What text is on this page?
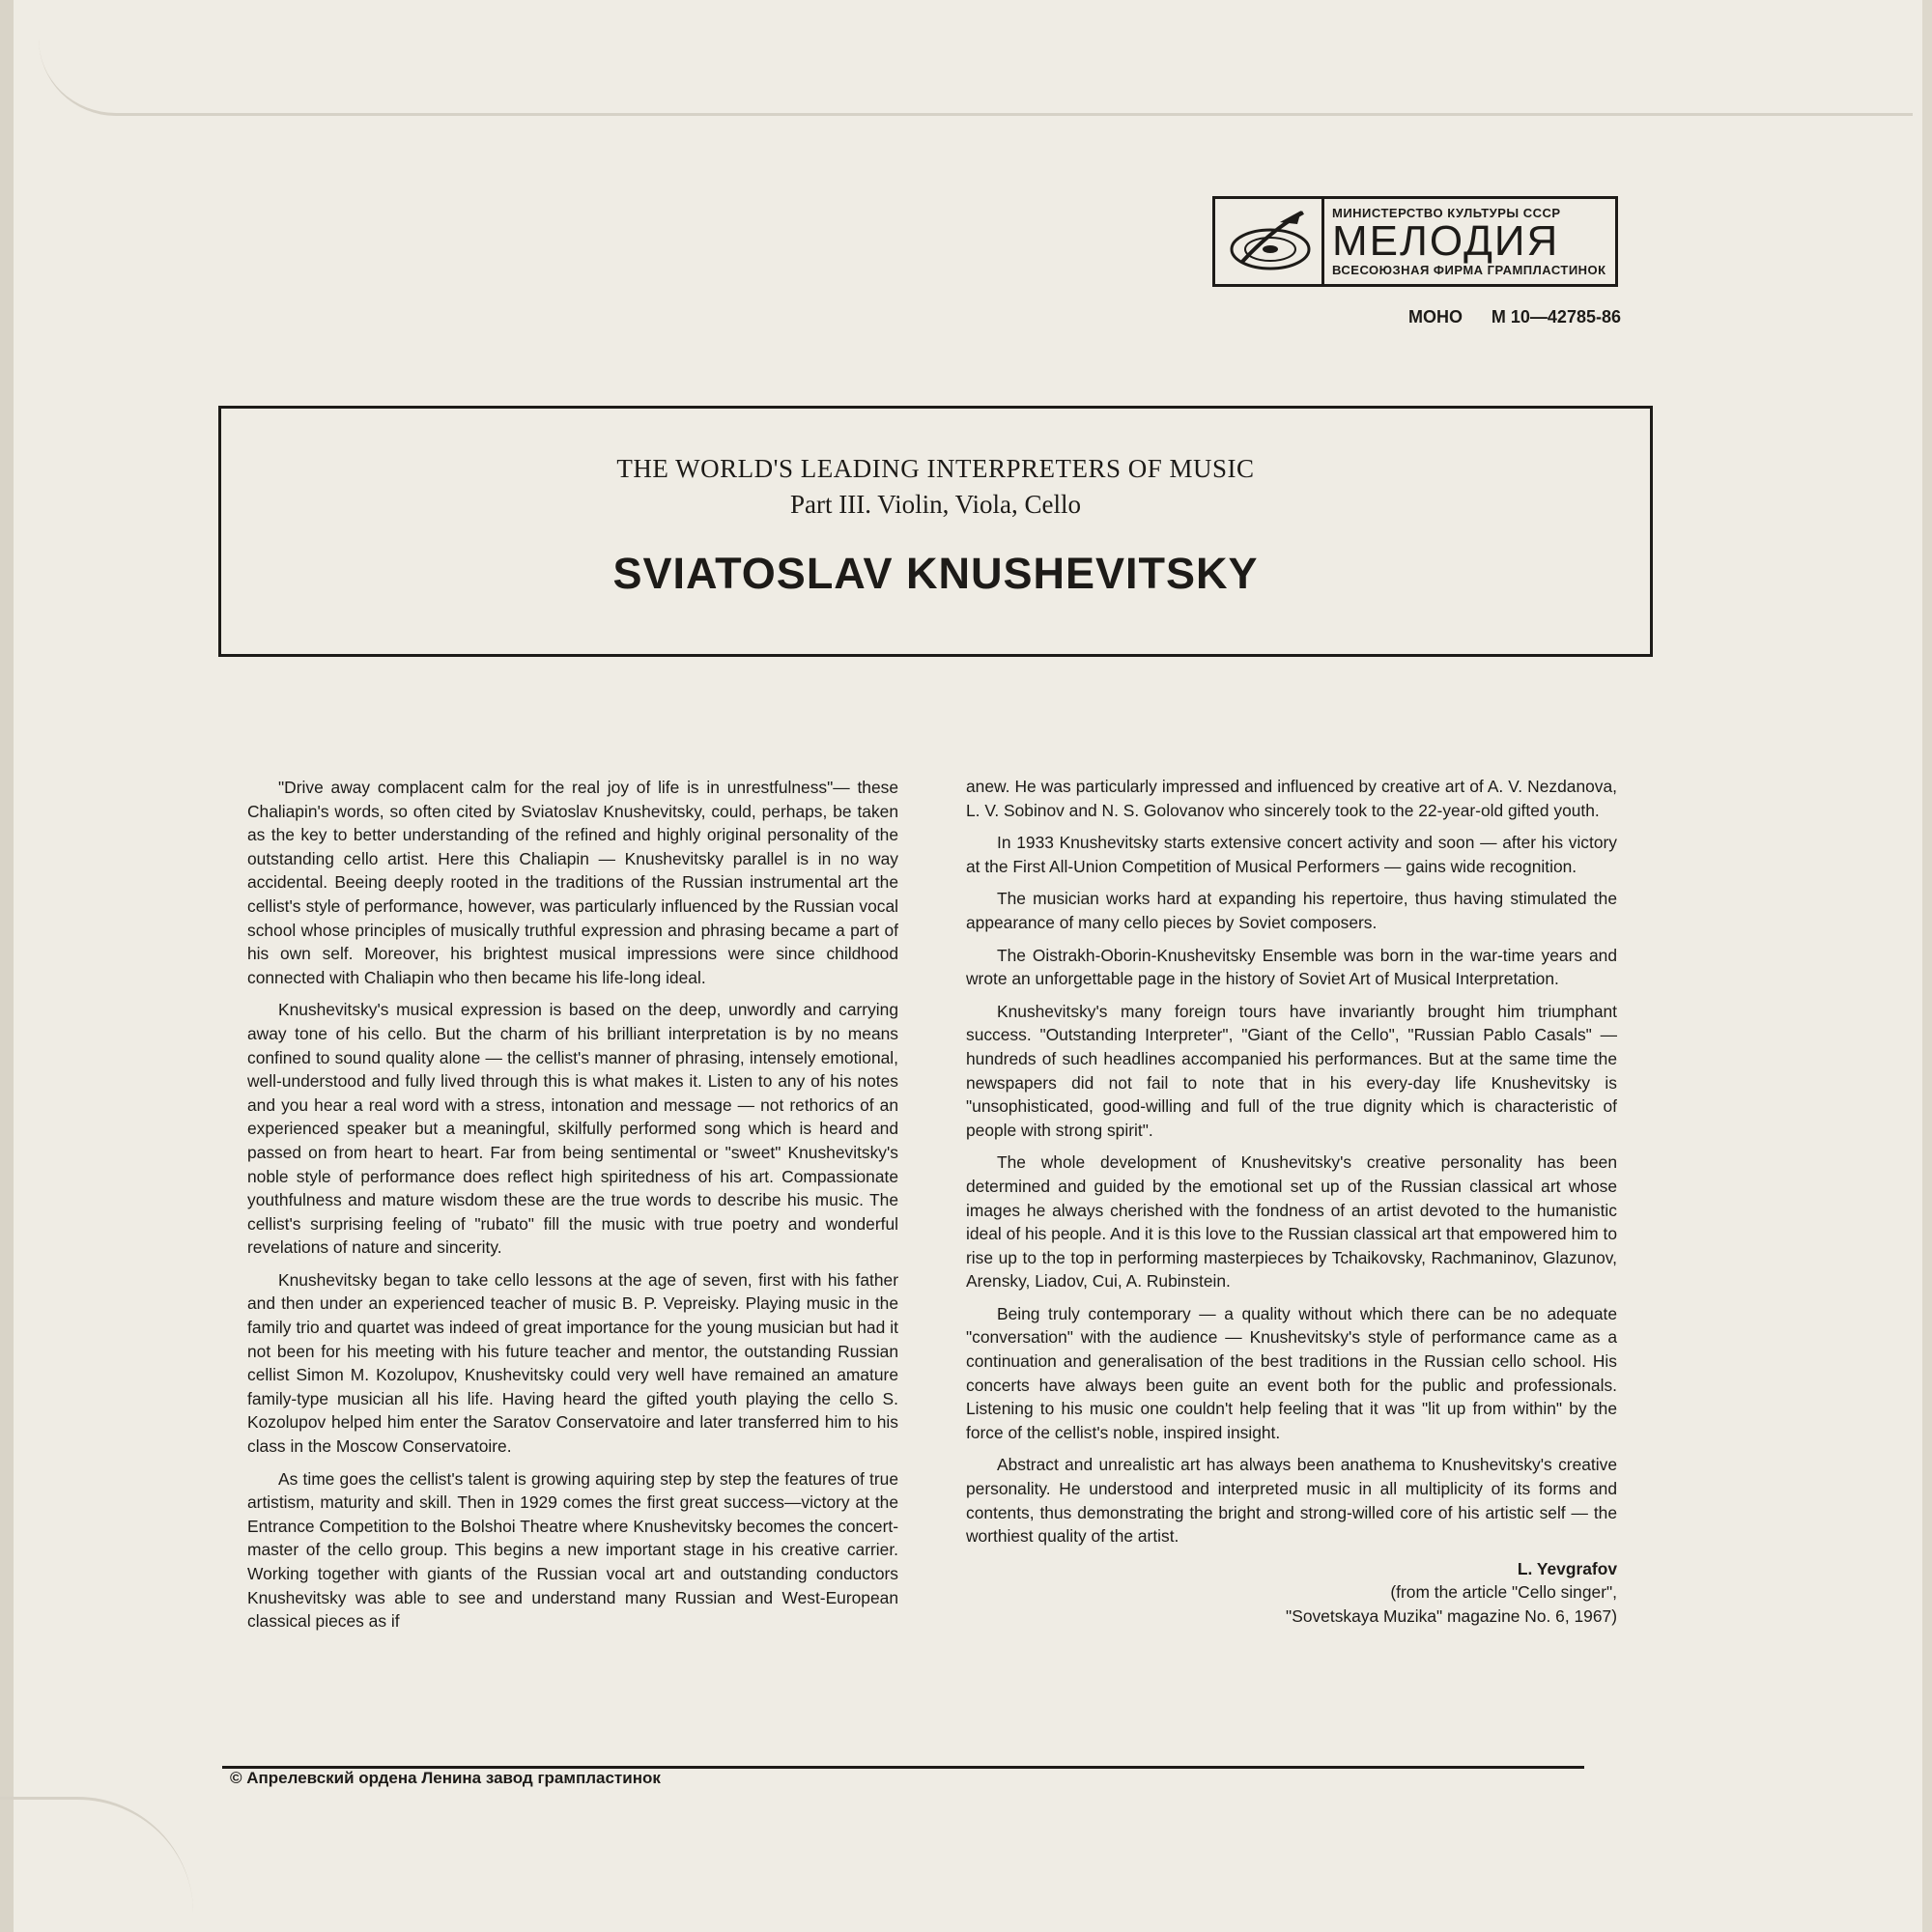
МИНИСТЕРСТВО КУЛЬТУРЫ СССР
МЕЛОДИЯ
ВСЕСОЮЗНАЯ ФИРМА ГРАМПЛАСТИНОК
МОНО М 10—42785-86
THE WORLD'S LEADING INTERPRETERS OF MUSIC
Part III. Violin, Viola, Cello
SVIATOSLAV KNUSHEVITSKY

"Drive away complacent calm for the real joy of life is in unrestfulness"— these Chaliapin's words, so often cited by Sviatoslav Knushevitsky, could, perhaps, be taken as the key to better understanding of the refined and highly original personality of the outstanding cello artist. Here this Chaliapin — Knushevitsky parallel is in no way accidental. Beeing deeply rooted in the traditions of the Russian instrumental art the cellist's style of performance, however, was particularly influenced by the Russian vocal school whose principles of musically truthful expression and phrasing became a part of his own self. Moreover, his brightest musical impressions were since childhood connected with Chaliapin who then became his life-long ideal.

Knushevitsky's musical expression is based on the deep, unwordly and carrying away tone of his cello. But the charm of his brilliant interpretation is by no means confined to sound quality alone — the cellist's manner of phrasing, intensely emotional, well-understood and fully lived through this is what makes it. Listen to any of his notes and you hear a real word with a stress, intonation and message — not rethorics of an experienced speaker but a meaningful, skilfully performed song which is heard and passed on from heart to heart. Far from being sentimental or "sweet" Knushevitsky's noble style of performance does reflect high spiritedness of his art. Compassionate youthfulness and mature wisdom these are the true words to describe his music. The cellist's surprising feeling of "rubato" fill the music with true poetry and wonderful revelations of nature and sincerity.

Knushevitsky began to take cello lessons at the age of seven, first with his father and then under an experienced teacher of music B. P. Vepreisky. Playing music in the family trio and quartet was indeed of great importance for the young musician but had it not been for his meeting with his future teacher and mentor, the outstanding Russian cellist Simon M. Kozolupov, Knushevitsky could very well have remained an amature family-type musician all his life. Having heard the gifted youth playing the cello S. Kozolupov helped him enter the Saratov Conservatoire and later transferred him to his class in the Moscow Conservatoire.

As time goes the cellist's talent is growing aquiring step by step the features of true artistism, maturity and skill. Then in 1929 comes the first great success—victory at the Entrance Competition to the Bolshoi Theatre where Knushevitsky becomes the concert-master of the cello group. This begins a new important stage in his creative carrier. Working together with giants of the Russian vocal art and outstanding conductors Knushevitsky was able to see and understand many Russian and West-European classical pieces as if

anew. He was particularly impressed and influenced by creative art of A. V. Nezdanova, L. V. Sobinov and N. S. Golovanov who sincerely took to the 22-year-old gifted youth.

In 1933 Knushevitsky starts extensive concert activity and soon — after his victory at the First All-Union Competition of Musical Performers — gains wide recognition.

The musician works hard at expanding his repertoire, thus having stimulated the appearance of many cello pieces by Soviet composers.

The Oistrakh-Oborin-Knushevitsky Ensemble was born in the war-time years and wrote an unforgettable page in the history of Soviet Art of Musical Interpretation.

Knushevitsky's many foreign tours have invariantly brought him triumphant success. "Outstanding Interpreter", "Giant of the Cello", "Russian Pablo Casals" — hundreds of such headlines accompanied his performances. But at the same time the newspapers did not fail to note that in his every-day life Knushevitsky is "unsophisticated, good-willing and full of the true dignity which is characteristic of people with strong spirit".

The whole development of Knushevitsky's creative personality has been determined and guided by the emotional set up of the Russian classical art whose images he always cherished with the fondness of an artist devoted to the humanistic ideal of his people. And it is this love to the Russian classical art that empowered him to rise up to the top in performing masterpieces by Tchaikovsky, Rachmaninov, Glazunov, Arensky, Liadov, Cui, A. Rubinstein.

Being truly contemporary — a quality without which there can be no adequate "conversation" with the audience — Knushevitsky's style of performance came as a continuation and generalisation of the best traditions in the Russian cello school. His concerts have always been guite an event both for the public and professionals. Listening to his music one couldn't help feeling that it was "lit up from within" by the force of the cellist's noble, inspired insight.

Abstract and unrealistic art has always been anathema to Knushevitsky's creative personality. He understood and interpreted music in all multiplicity of its forms and contents, thus demonstrating the bright and strong-willed core of his artistic self — the worthiest quality of the artist.

L. Yevgrafov
(from the article "Cello singer",
"Sovetskaya Muzika" magazine No. 6, 1967)
© Апрелевский ордена Ленина завод грампластинок
